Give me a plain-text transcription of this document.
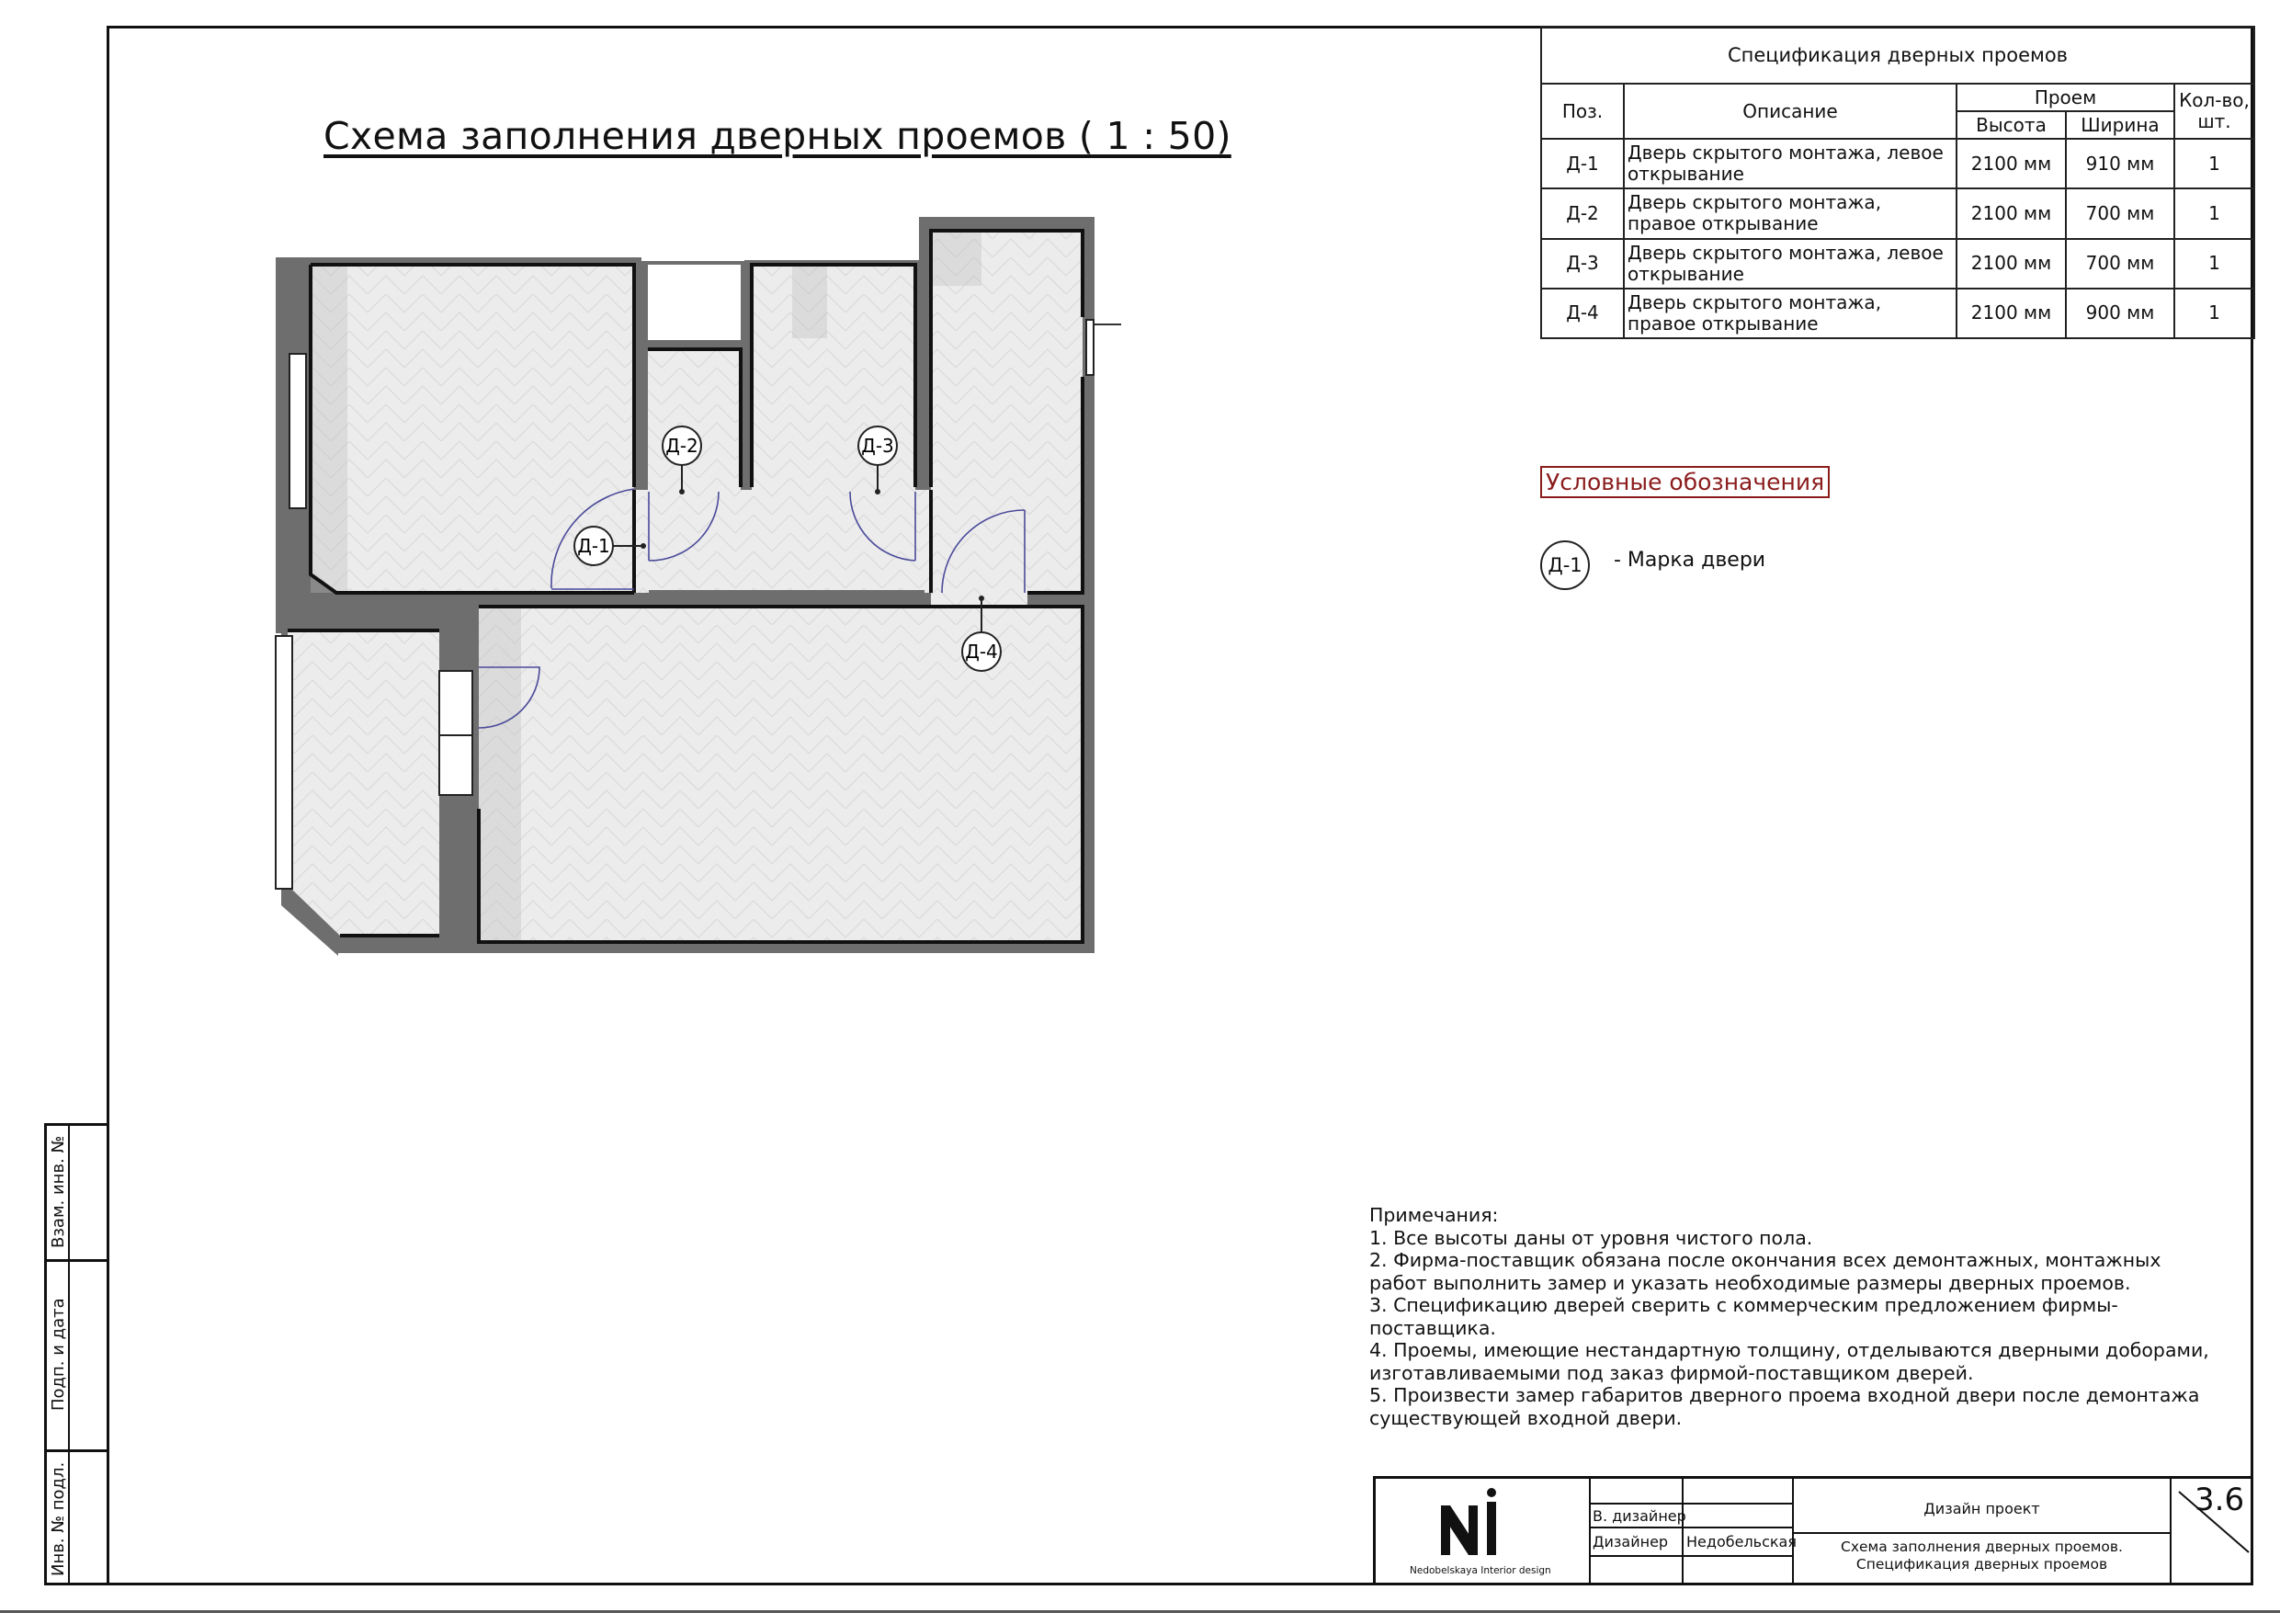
Схема заполнения дверных проемов ( 1 : 50)
Спецификация дверных проемов				
Поз.	Описание	Проем		Кол-во, шт.
		Высота	Ширина	
Д-1	Дверь скрытого монтажа, левое открывание	2100 мм	910 мм	1
Д-2	Дверь скрытого монтажа, правое открывание	2100 мм	700 мм	1
Д-3	Дверь скрытого монтажа, левое открывание	2100 мм	700 мм	1
Д-4	Дверь скрытого монтажа, правое открывание	2100 мм	900 мм	1
Условные обозначения
Д-1 - Марка двери
Д-1
Д-2	Д-3
Д-4
Примечания:
1. Все высоты даны от уровня чистого пола.
2. Фирма-поставщик обязана после окончания всех демонтажных, монтажных работ выполнить замер и указать необходимые размеры дверных проемов.
3. Спецификацию дверей сверить с коммерческим предложением фирмы-поставщика.
4. Проемы, имеющие нестандартную толщину, отделываются дверными доборами, изготавливаемыми под заказ фирмой-поставщиком дверей.
5. Произвести замер габаритов дверного проема входной двери после демонтажа существующей входной двери.
Взам. инв. №
Подп. и дата
Инв. № подл.	Nedobelskaya Interior design
В. дизайнер
Дизайнер Недобельская
Дизайн проект
Схема заполнения дверных проемов. Спецификация дверных проемов
3.6
